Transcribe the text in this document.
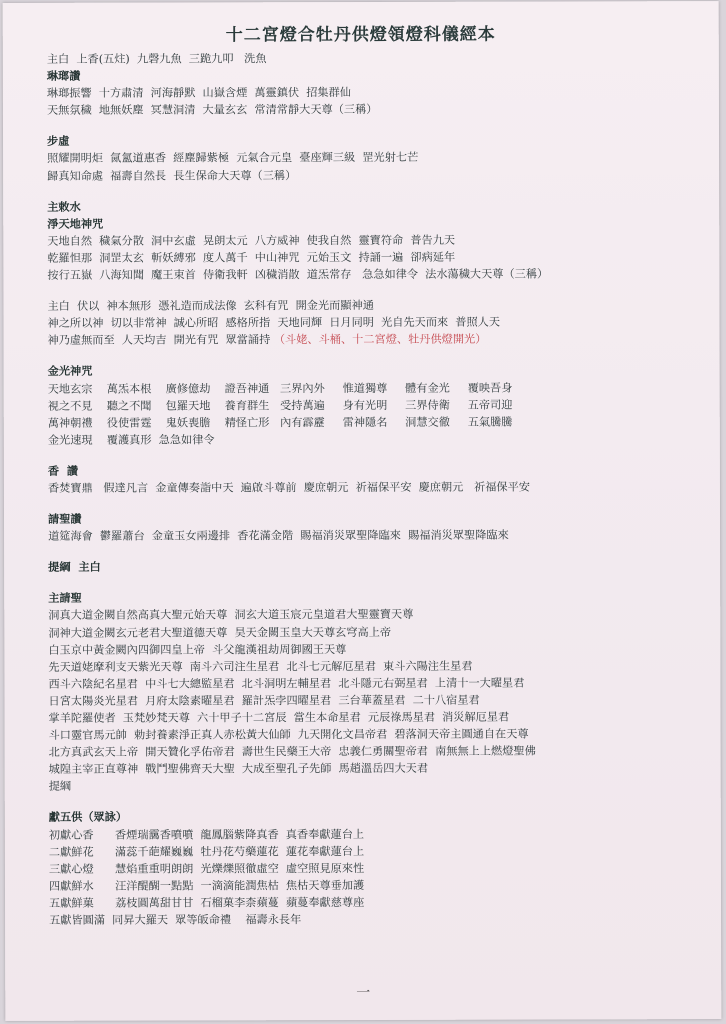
十二宮燈合牡丹供燈領燈科儀經本
主白  上香(五炷)  九磬九魚  三跪九叩   洗魚
琳瑯讚
琳瑯振響  十方肅清  河海靜默  山嶽含煙  萬靈鎮伏  招集群仙
天無氛穢  地無妖塵  冥慧洞清  大量玄玄  常清常靜大天尊（三稱）
步虛
照耀開明炬  氤氳道惠香  經塵歸紫極  元氣合元皇  臺座輝三級  罡光射七芒
歸真知命處  福壽自然長  長生保命大天尊（三稱）
主敕水
淨天地神咒
天地自然  穢氣分散  洞中玄虛  晃朗太元  八方威神  使我自然  靈寶符命  普告九天
乾羅怛那  洞罡太玄  斬妖縛邪  度人萬千  中山神咒  元始玉文  持誦一遍  卻病延年
按行五嶽  八海知聞  魔王束首  侍衛我軒  凶穢消散  道炁常存   急急如律令  法水蕩穢大天尊（三稱）
主白  伏以  神本無形  憑礼造而成法像  玄科有咒  開金光而顯神通
神之所以神  切以非常神  誠心所昭  感格所指  天地同輝  日月同明  光自先天而來  普照人天
神乃虛無而至  人天均吉  開光有咒  眾當誦持 （斗姥、斗桶、十二宮燈、牡丹供燈開光）
金光神咒
天地玄宗    萬炁本根    廣修億劫    證吾神通   三界內外     惟道獨尊     體有金光     覆映吾身
視之不見    聽之不聞    包羅天地    養育群生   受持萬遍     身有光明     三界侍衛     五帝司迎
萬神朝禮    役使雷霆    鬼妖喪膽    精怪亡形   內有霹靂     雷神隱名     洞慧交徹     五氣騰騰
金光速現    覆護真形  急急如律令
香  讚
香焚寶鼎   假達凡言  金童傳奏詣中天  遍啟斗尊前  慶庶朝元  祈福保平安  慶庶朝元   祈福保平安
請聖讚
道筵海會  鬱羅蕭台  金童玉女兩邊排  香花滿金階  賜福消災眾聖降臨來  賜福消災眾聖降臨來
提綱  主白
主請聖
洞真大道金闕自然高真大聖元始天尊  洞玄大道玉宸元皇道君大聖靈寶天尊
洞神大道金闕玄元老君大聖道德天尊  昊天金闕玉皇大天尊玄穹高上帝
白玉京中黃金闕內四御四皇上帝  斗父龍漢祖劫周御國王天尊
先天道姥摩利支天紫光天尊  南斗六司注生星君  北斗七元解厄星君  東斗六陽注生星君
西斗六陰紀名星君  中斗七大總監星君  北斗洞明左輔星君  北斗隱元右弼星君  上清十一大曜星君
日宮太陽炎光星君  月府太陰素曜星君  羅計炁孛四曜星君  三台華蓋星君  二十八宿星君
掌羊陀羅使者  玉梵妙梵天尊  六十甲子十二宮辰  當生本命星君  元辰祿馬星君  消災解厄星君
斗口靈官馬元帥  勅封養素淨正真人赤松黃大仙師  九天開化文昌帝君  碧落洞天帝主圓通自在天尊
北方真武玄天上帝  開天贊化孚佑帝君  壽世生民藥王大帝  忠義仁勇關聖帝君  南無無上上燃燈聖佛
城隍主宰正直尊神  戰鬥聖佛齊天大聖  大成至聖孔子先師  馬趙溫岳四大天君
提綱
獻五供（眾詠）
初獻心香      香煙瑞靄香噴噴  龍鳳腦紫降真香  真香奉獻蓮台上
二獻鮮花      滿蕊千葩耀巍巍  牡丹花芍藥蓮花  蓮花奉獻蓮台上
三獻心燈      慧焰重重明朗朗  光爍爍照徹虛空  虛空照見原來性
四獻鮮水      汪洋醍醐一點點  一滴滴能潤焦枯  焦枯天尊垂加護
五獻鮮菓      荔枝圓萬甜甘甘  石榴菓李柰蘋蔓  蘋蔓奉獻慈尊座
五獻皆圓滿  同昇大羅天  眾等皈命禮    福壽永長年
一
